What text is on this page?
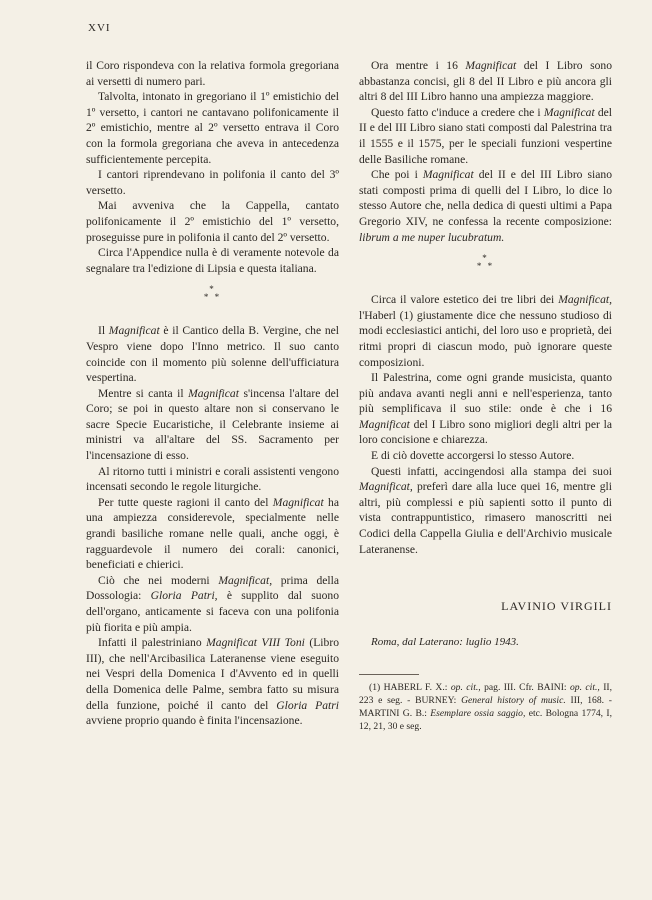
XVI

il Coro rispondeva con la relativa formola gregoriana ai versetti di numero pari.

Talvolta, intonato in gregoriano il 1º emistichio del 1º versetto, i cantori ne cantavano polifonicamente il 2º emistichio, mentre al 2º versetto entrava il Coro con la formola gregoriana che aveva in antecedenza sufficientemente percepita.

I cantori riprendevano in polifonia il canto del 3º versetto.

Mai avveniva che la Cappella, cantato polifonicamente il 2º emistichio del 1º versetto, proseguisse pure in polifonia il canto del 2º versetto.

Circa l'Appendice nulla è di veramente notevole da segnalare tra l'edizione di Lipsia e questa italiana.

*
* *

Il Magnificat è il Cantico della B. Vergine, che nel Vespro viene dopo l'Inno metrico. Il suo canto coincide con il momento più solenne dell'ufficiatura vespertina.

Mentre si canta il Magnificat s'incensa l'altare del Coro; se poi in questo altare non si conservano le sacre Specie Eucaristiche, il Celebrante insieme ai ministri va all'altare del SS. Sacramento per l'incensazione di esso.

Al ritorno tutti i ministri e corali assistenti vengono incensati secondo le regole liturgiche.

Per tutte queste ragioni il canto del Magnificat ha una ampiezza considerevole, specialmente nelle grandi basiliche romane nelle quali, anche oggi, è ragguardevole il numero dei corali: canonici, beneficiati e chierici.

Ciò che nei moderni Magnificat, prima della Dossologia: Gloria Patri, è supplito dal suono dell'organo, anticamente si faceva con una polifonia più fiorita e più ampia.

Infatti il palestriniano Magnificat VIII Toni (Libro III), che nell'Arcibasilica Lateranense viene eseguito nei Vespri della Domenica I d'Avvento ed in quelli della Domenica delle Palme, sembra fatto su misura della funzione, poiché il canto del Gloria Patri avviene proprio quando è finita l'incensazione.

Ora mentre i 16 Magnificat del I Libro sono abbastanza concisi, gli 8 del II Libro e più ancora gli altri 8 del III Libro hanno una ampiezza maggiore.

Questo fatto c'induce a credere che i Magnificat del II e del III Libro siano stati composti dal Palestrina tra il 1555 e il 1575, per le speciali funzioni vespertine delle Basiliche romane.

Che poi i Magnificat del II e del III Libro siano stati composti prima di quelli del I Libro, lo dice lo stesso Autore che, nella dedica di questi ultimi a Papa Gregorio XIV, ne confessa la recente composizione: librum a me nuper lucubratum.

*
* *

Circa il valore estetico dei tre libri dei Magnificat, l'Haberl (1) giustamente dice che nessuno studioso di modi ecclesiastici antichi, del loro uso e proprietà, dei ritmi propri di ciascun modo, può ignorare queste composizioni.

Il Palestrina, come ogni grande musicista, quanto più andava avanti negli anni e nell'esperienza, tanto più semplificava il suo stile: onde è che i 16 Magnificat del I Libro sono migliori degli altri per la loro concisione e chiarezza.

E di ciò dovette accorgersi lo stesso Autore.

Questi infatti, accingendosi alla stampa dei suoi Magnificat, preferì dare alla luce quei 16, mentre gli altri, più complessi e più sapienti sotto il punto di vista contrappuntistico, rimasero manoscritti nei Codici della Cappella Giulia e dell'Archivio musicale Lateranense.

LAVINIO VIRGILI
Roma, dal Laterano: luglio 1943.
(1) HABERL F. X.: op. cit., pag. III. Cfr. BAINI: op. cit., II, 223 e seg. - BURNEY: General history of music. III, 168. - MARTINI G. B.: Esemplare ossia saggio, etc. Bologna 1774, I, 12, 21, 30 e seg.
